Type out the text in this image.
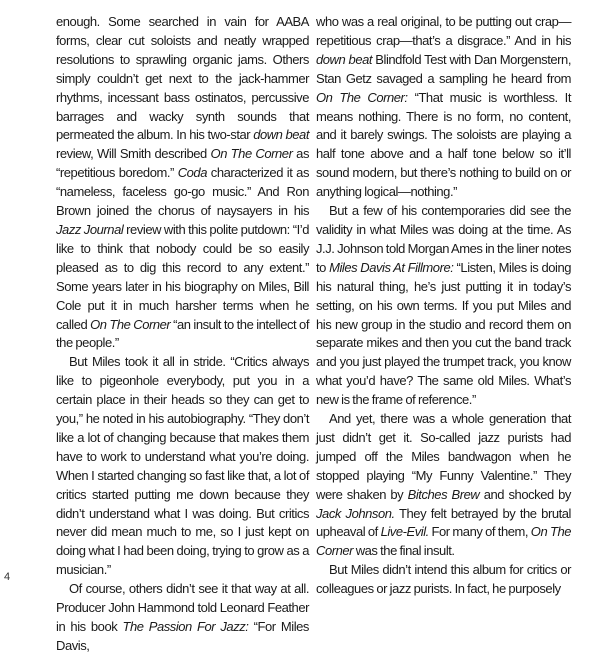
enough. Some searched in vain for AABA forms, clear cut soloists and neatly wrapped resolutions to sprawling organic jams. Others simply couldn’t get next to the jack-hammer rhythms, incessant bass ostinatos, percussive barrages and wacky synth sounds that permeated the album. In his two-star down beat review, Will Smith described On The Corner as “repetitious boredom.” Coda characterized it as “nameless, faceless go-go music.” And Ron Brown joined the chorus of naysayers in his Jazz Journal review with this polite putdown: “I’d like to think that nobody could be so easily pleased as to dig this record to any extent.” Some years later in his biography on Miles, Bill Cole put it in much harsher terms when he called On The Corner “an insult to the intellect of the people.”

But Miles took it all in stride. “Critics always like to pigeonhole everybody, put you in a certain place in their heads so they can get to you,” he noted in his autobiography. “They don’t like a lot of changing because that makes them have to work to understand what you’re doing. When I started changing so fast like that, a lot of critics started putting me down because they didn’t understand what I was doing. But critics never did mean much to me, so I just kept on doing what I had been doing, trying to grow as a musician.”

Of course, others didn’t see it that way at all. Producer John Hammond told Leonard Feather in his book The Passion For Jazz: “For Miles Davis,

who was a real original, to be putting out crap—repetitious crap—that’s a disgrace.” And in his down beat Blindfold Test with Dan Morgenstern, Stan Getz savaged a sampling he heard from On The Corner: “That music is worthless. It means nothing. There is no form, no content, and it barely swings. The soloists are playing a half tone above and a half tone below so it’ll sound modern, but there’s nothing to build on or anything logical—nothing.”

But a few of his contemporaries did see the validity in what Miles was doing at the time. As J.J. Johnson told Morgan Ames in the liner notes to Miles Davis At Fillmore: “Listen, Miles is doing his natural thing, he’s just putting it in today’s setting, on his own terms. If you put Miles and his new group in the studio and record them on separate mikes and then you cut the band track and you just played the trumpet track, you know what you’d have? The same old Miles. What’s new is the frame of reference.”

And yet, there was a whole generation that just didn’t get it. So-called jazz purists had jumped off the Miles bandwagon when he stopped playing “My Funny Valentine.” They were shaken by Bitches Brew and shocked by Jack Johnson. They felt betrayed by the brutal upheaval of Live-Evil. For many of them, On The Corner was the final insult.

But Miles didn’t intend this album for critics or colleagues or jazz purists. In fact, he purposely

4
